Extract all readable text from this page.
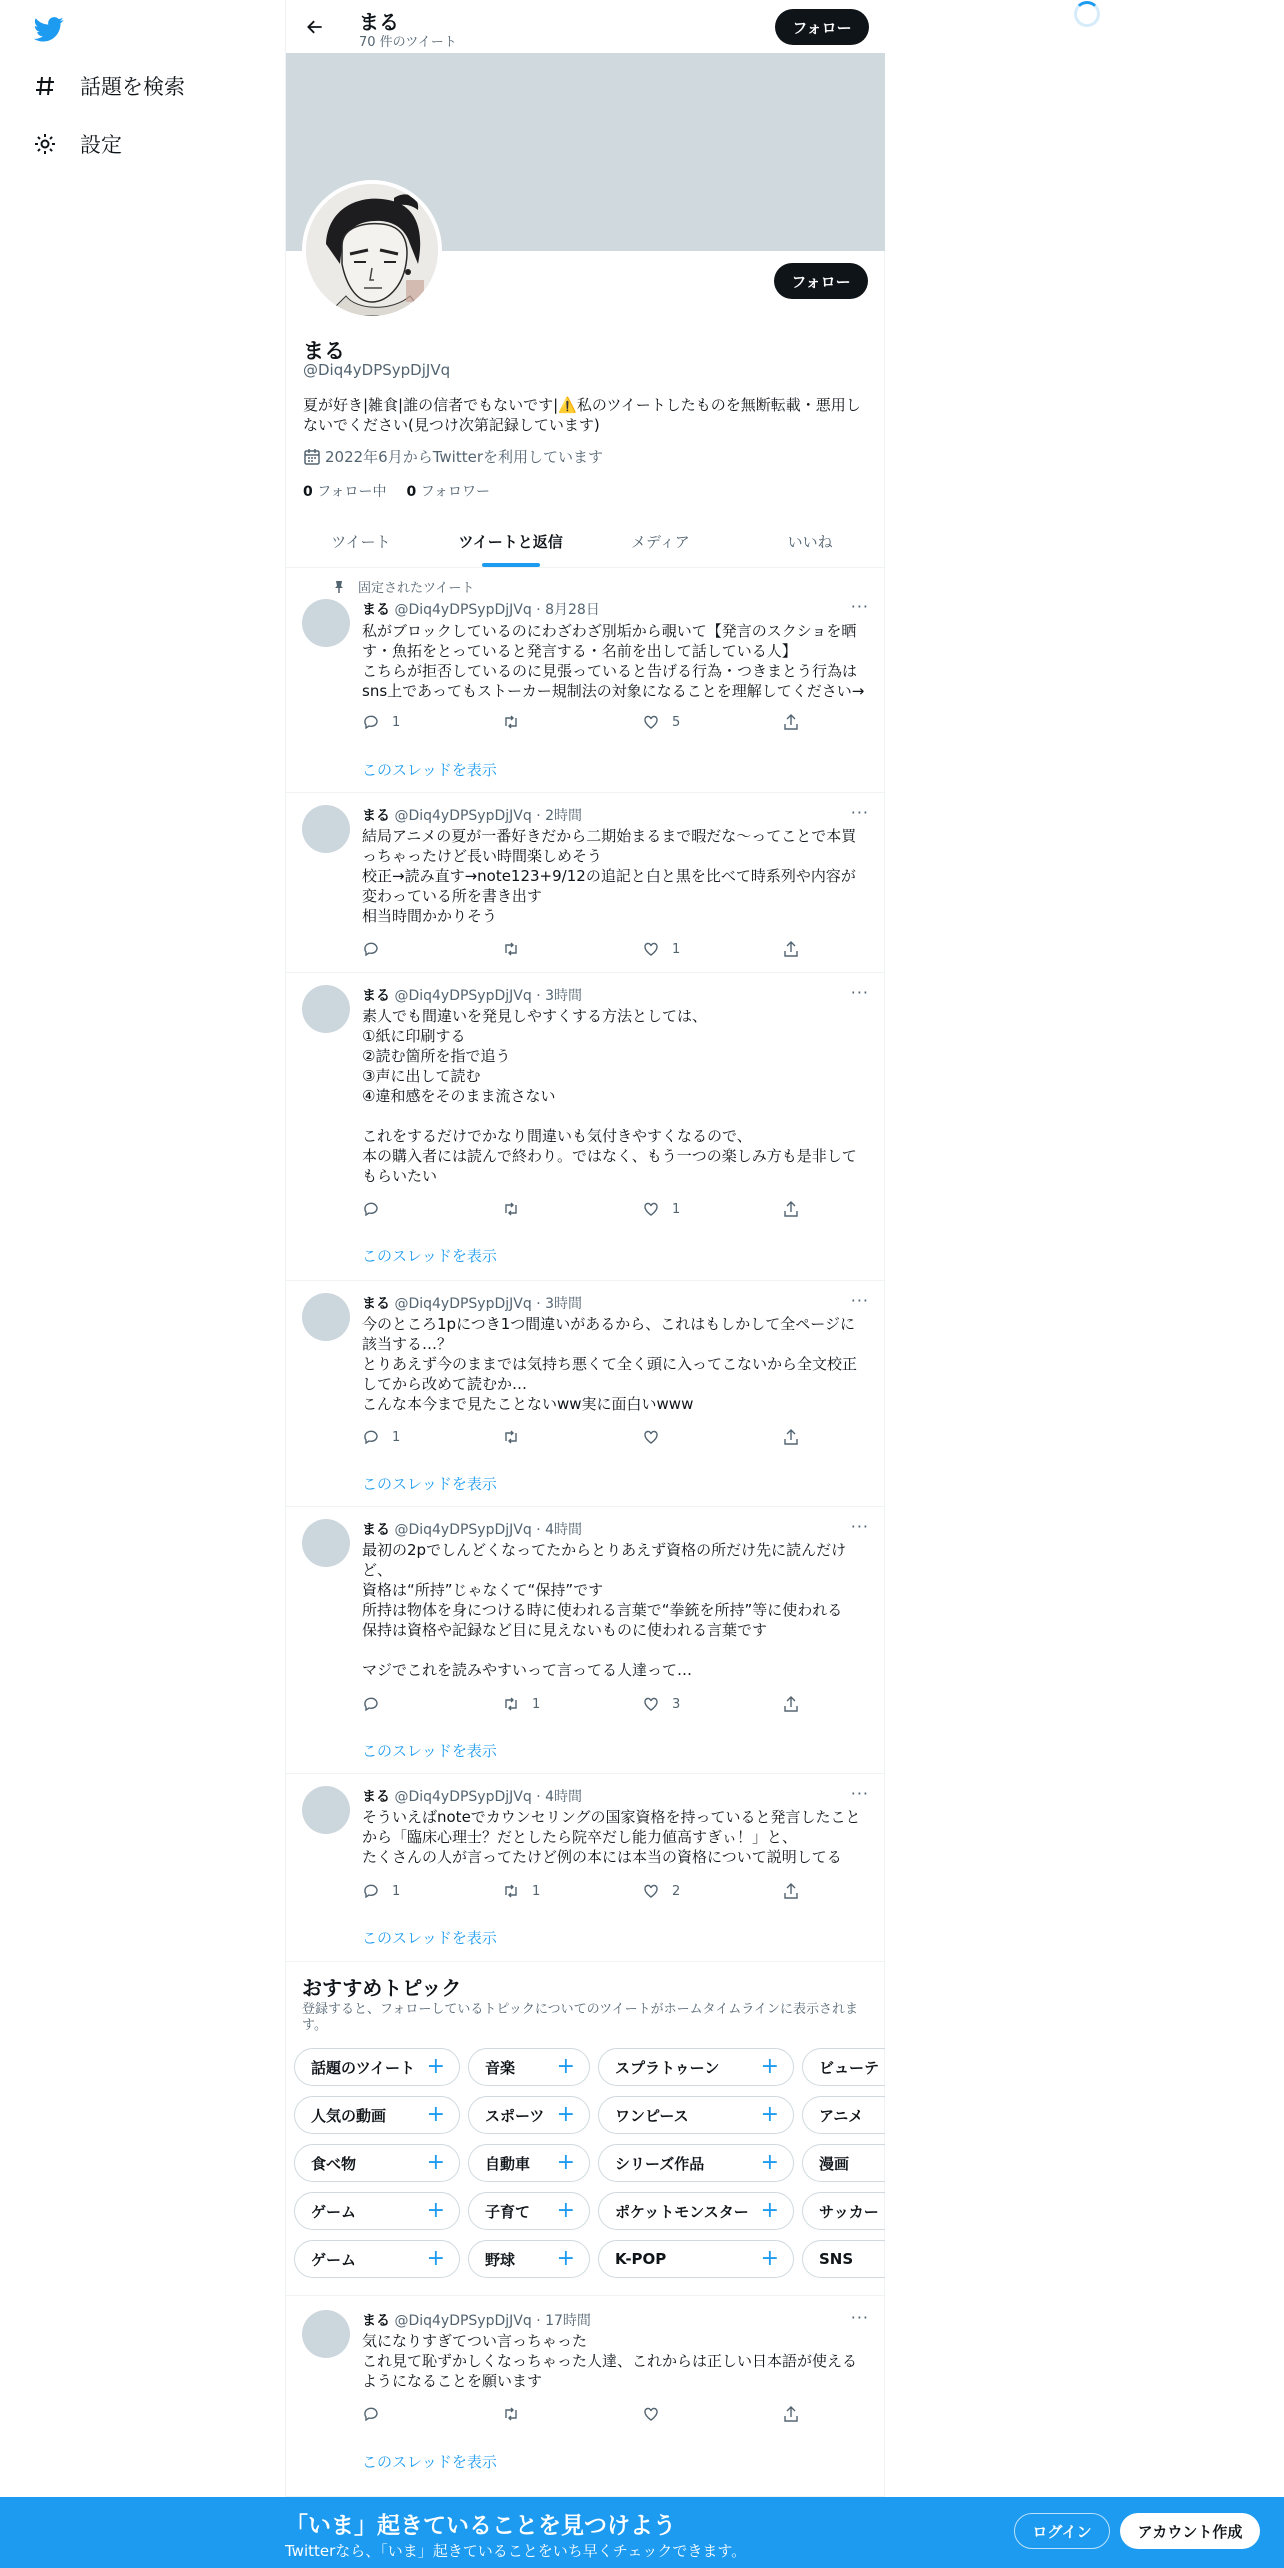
話題を検索
設定
まる
70 件のツイート
フォロー
フォロー
まる
@Diq4yDPSypDjJVq
夏が好き|雑食|誰の信者でもないです|⚠️私のツイートしたものを無断転載・悪用しないでください(見つけ次第記録しています)
2022年6月からTwitterを利用しています
0 フォロー中 0 フォロワー
ツイート	ツイートと返信	メディア	いいね
固定されたツイート
まる @Diq4yDPSypDjJVq · 8月28日	···
私がブロックしているのにわざわざ別垢から覗いて【発言のスクショを晒す・魚拓をとっていると発言する・名前を出して話している人】
こちらが拒否しているのに見張っていると告げる行為・つきまとう行為はsns上であってもストーカー規制法の対象になることを理解してください→
1	5
このスレッドを表示
まる @Diq4yDPSypDjJVq · 2時間	···
結局アニメの夏が一番好きだから二期始まるまで暇だな〜ってことで本買っちゃったけど長い時間楽しめそう
校正→読み直す→note123+9/12の追記と白と黒を比べて時系列や内容が変わっている所を書き出す
相当時間かかりそう
1
まる @Diq4yDPSypDjJVq · 3時間	···
素人でも間違いを発見しやすくする方法としては、
①紙に印刷する
②読む箇所を指で追う
③声に出して読む
④違和感をそのまま流さない

これをするだけでかなり間違いも気付きやすくなるので、
本の購入者には読んで終わり。ではなく、もう一つの楽しみ方も是非してもらいたい
1
このスレッドを表示
まる @Diq4yDPSypDjJVq · 3時間	···
今のところ1pにつき1つ間違いがあるから、これはもしかして全ページに該当する…？
とりあえず今のままでは気持ち悪くて全く頭に入ってこないから全文校正してから改めて読むか…
こんな本今まで見たことないww実に面白いwww
1
このスレッドを表示
まる @Diq4yDPSypDjJVq · 4時間	···
最初の2pでしんどくなってたからとりあえず資格の所だけ先に読んだけど、
資格は“所持”じゃなくて“保持”です
所持は物体を身につける時に使われる言葉で“拳銃を所持”等に使われる
保持は資格や記録など目に見えないものに使われる言葉です

マジでこれを読みやすいって言ってる人達って…
1	3
このスレッドを表示
まる @Diq4yDPSypDjJVq · 4時間	···
そういえばnoteでカウンセリングの国家資格を持っていると発言したことから「臨床心理士？だとしたら院卒だし能力値高すぎぃ！」と、
たくさんの人が言ってたけど例の本には本当の資格について説明してる
1	1	2
このスレッドを表示
おすすめトピック
登録すると、フォローしているトピックについてのツイートがホームタイムラインに表示されます。
話題のツイート +	音楽 +	スプラトゥーン +	ビューテ
人気の動画 +	スポーツ +	ワンピース	+	アニメ
食べ物	+	自動車 +	シリーズ作品	+	漫画
ゲーム	+	子育て +	ポケットモンスター +	サッカー
ゲーム	+	野球 +	K-POP	+	SNS
まる @Diq4yDPSypDjJVq · 17時間	···
気になりすぎてつい言っちゃった
これ見て恥ずかしくなっちゃった人達、これからは正しい日本語が使えるようになることを願います
このスレッドを表示
「いま」起きていることを見つけよう
Twitterなら、「いま」起きていることをいち早くチェックできます。
ログイン	アカウント作成
